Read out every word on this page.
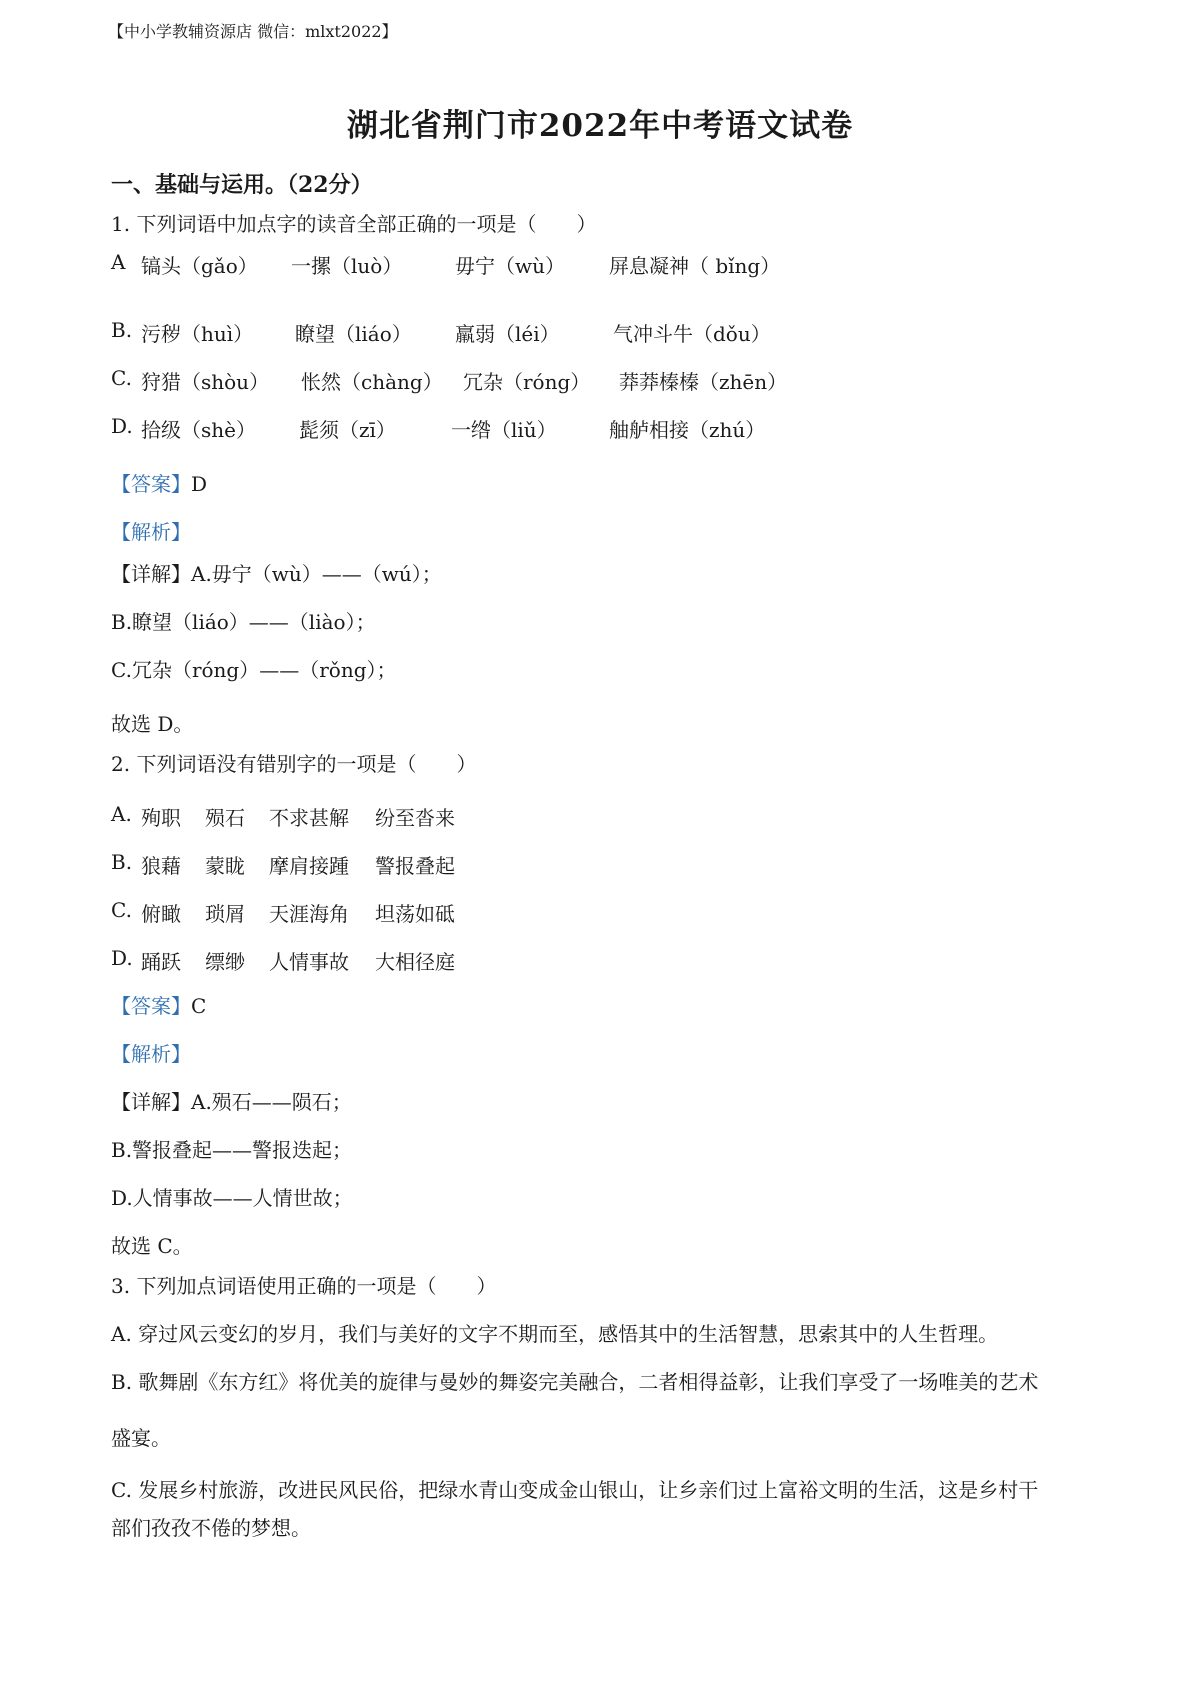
【中小学教辅资源店 微信：mlxt2022】
湖北省荆门市2022年中考语文试卷
一、基础与运用。（22分）
1. 下列词语中加点字的读音全部正确的一项是（　　）
A 镐头（gǎo） 一摞（luò）	毋宁（wù） 屏息凝神（ bǐng）
B. 污秽（huì） 瞭望（liáo） 羸弱（léi）	气冲斗牛（dǒu）
C. 狩猎（shòu） 怅然（chàng） 冗杂（róng） 莽莽榛榛（zhēn）
D. 拾级（shè） 髭须（zī）	一绺（liǔ）	舳舻相接（zhú）
【答案】D
【解析】
【详解】A.毋宁（wù）——（wú）；
B.瞭望（liáo）——（liào）；
C.冗杂（róng）——（rǒng）；
故选 D。
2. 下列词语没有错别字的一项是（　　）
A. 殉职 殒石 不求甚解 纷至沓来
B. 狼藉 蒙眬 摩肩接踵 警报叠起
C. 俯瞰 琐屑 天涯海角 坦荡如砥
D. 踊跃 缥缈 人情事故 大相径庭
【答案】C
【解析】
【详解】A.殒石——陨石；
B.警报叠起——警报迭起；
D.人情事故——人情世故；
故选 C。
3. 下列加点词语使用正确的一项是（　　）
A. 穿过风云变幻的岁月，我们与美好的文字不期而至，感悟其中的生活智慧，思索其中的人生哲理。
B. 歌舞剧《东方红》将优美的旋律与曼妙的舞姿完美融合，二者相得益彰，让我们享受了一场唯美的艺术
盛宴。
C. 发展乡村旅游，改进民风民俗，把绿水青山变成金山银山，让乡亲们过上富裕文明的生活，这是乡村干
部们孜孜不倦的梦想。
